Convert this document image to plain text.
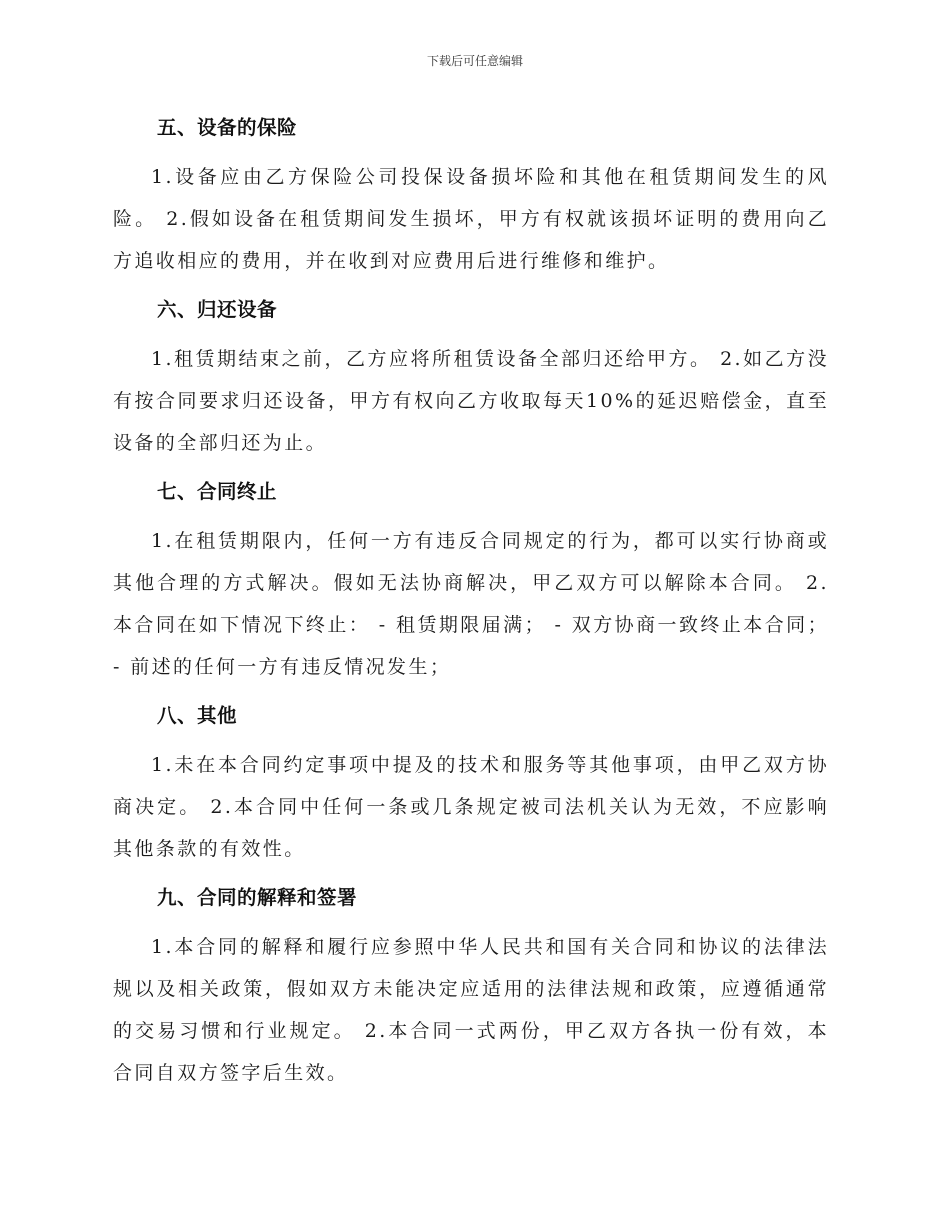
下载后可任意编辑
五、设备的保险

1.设备应由乙方保险公司投保设备损坏险和其他在租赁期间发生的风险。 2.假如设备在租赁期间发生损坏，甲方有权就该损坏证明的费用向乙方追收相应的费用，并在收到对应费用后进行维修和维护。

六、归还设备

1.租赁期结束之前，乙方应将所租赁设备全部归还给甲方。 2.如乙方没有按合同要求归还设备，甲方有权向乙方收取每天10%的延迟赔偿金，直至设备的全部归还为止。

七、合同终止

1.在租赁期限内，任何一方有违反合同规定的行为，都可以实行协商或其他合理的方式解决。假如无法协商解决，甲乙双方可以解除本合同。 2.本合同在如下情况下终止： - 租赁期限届满； - 双方协商一致终止本合同； - 前述的任何一方有违反情况发生；

八、其他

1.未在本合同约定事项中提及的技术和服务等其他事项，由甲乙双方协商决定。 2.本合同中任何一条或几条规定被司法机关认为无效，不应影响其他条款的有效性。

九、合同的解释和签署

1.本合同的解释和履行应参照中华人民共和国有关合同和协议的法律法规以及相关政策，假如双方未能决定应适用的法律法规和政策，应遵循通常的交易习惯和行业规定。 2.本合同一式两份，甲乙双方各执一份有效，本合同自双方签字后生效。
